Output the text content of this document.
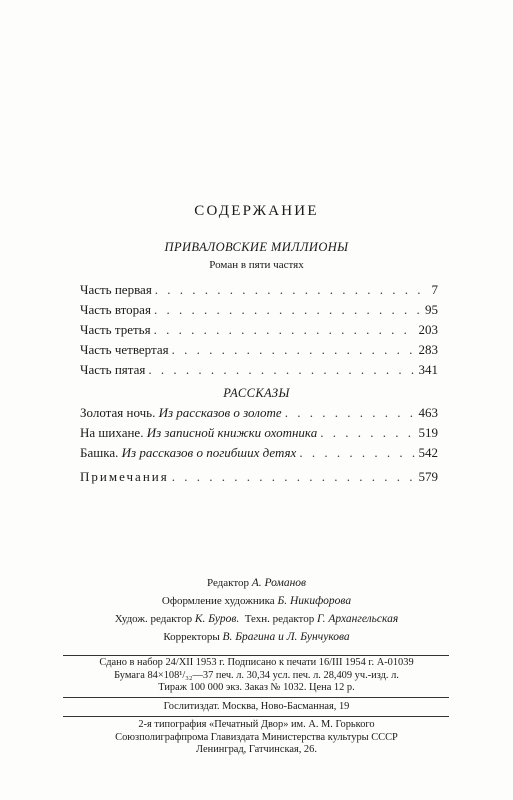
СОДЕРЖАНИЕ
ПРИВАЛОВСКИЕ МИЛЛИОНЫ
Роман в пяти частях
Часть первая . . .	7
Часть вторая . . .	95
Часть третья . . .	203
Часть четвертая . . .	283
Часть пятая . . .	341
РАССКАЗЫ
Золотая ночь. Из рассказов о золоте . . .	463
На шихане. Из записной книжки охотника . . .	519
Башка. Из рассказов о погибших детях . . .	542
Примечания . . .	579
Редактор А. Романов
Оформление художника Б. Никифорова
Худож. редактор К. Буров. Техн. редактор Г. Архангельская
Корректоры В. Брагина и Л. Бунчукова
Сдано в набор 24/XII 1953 г. Подписано к печати 16/III 1954 г. А-01039
Бумага 84×108¹/₃₂—37 печ. л. 30,34 усл. печ. л. 28,409 уч.-изд. л.
Тираж 100 000 экз. Заказ № 1032. Цена 12 р.
Гослитиздат. Москва, Ново-Басманная, 19
2-я типография «Печатный Двор» им. А. М. Горького
Союзполиграфпрома Главиздата Министерства культуры СССР
Ленинград, Гатчинская, 26.
